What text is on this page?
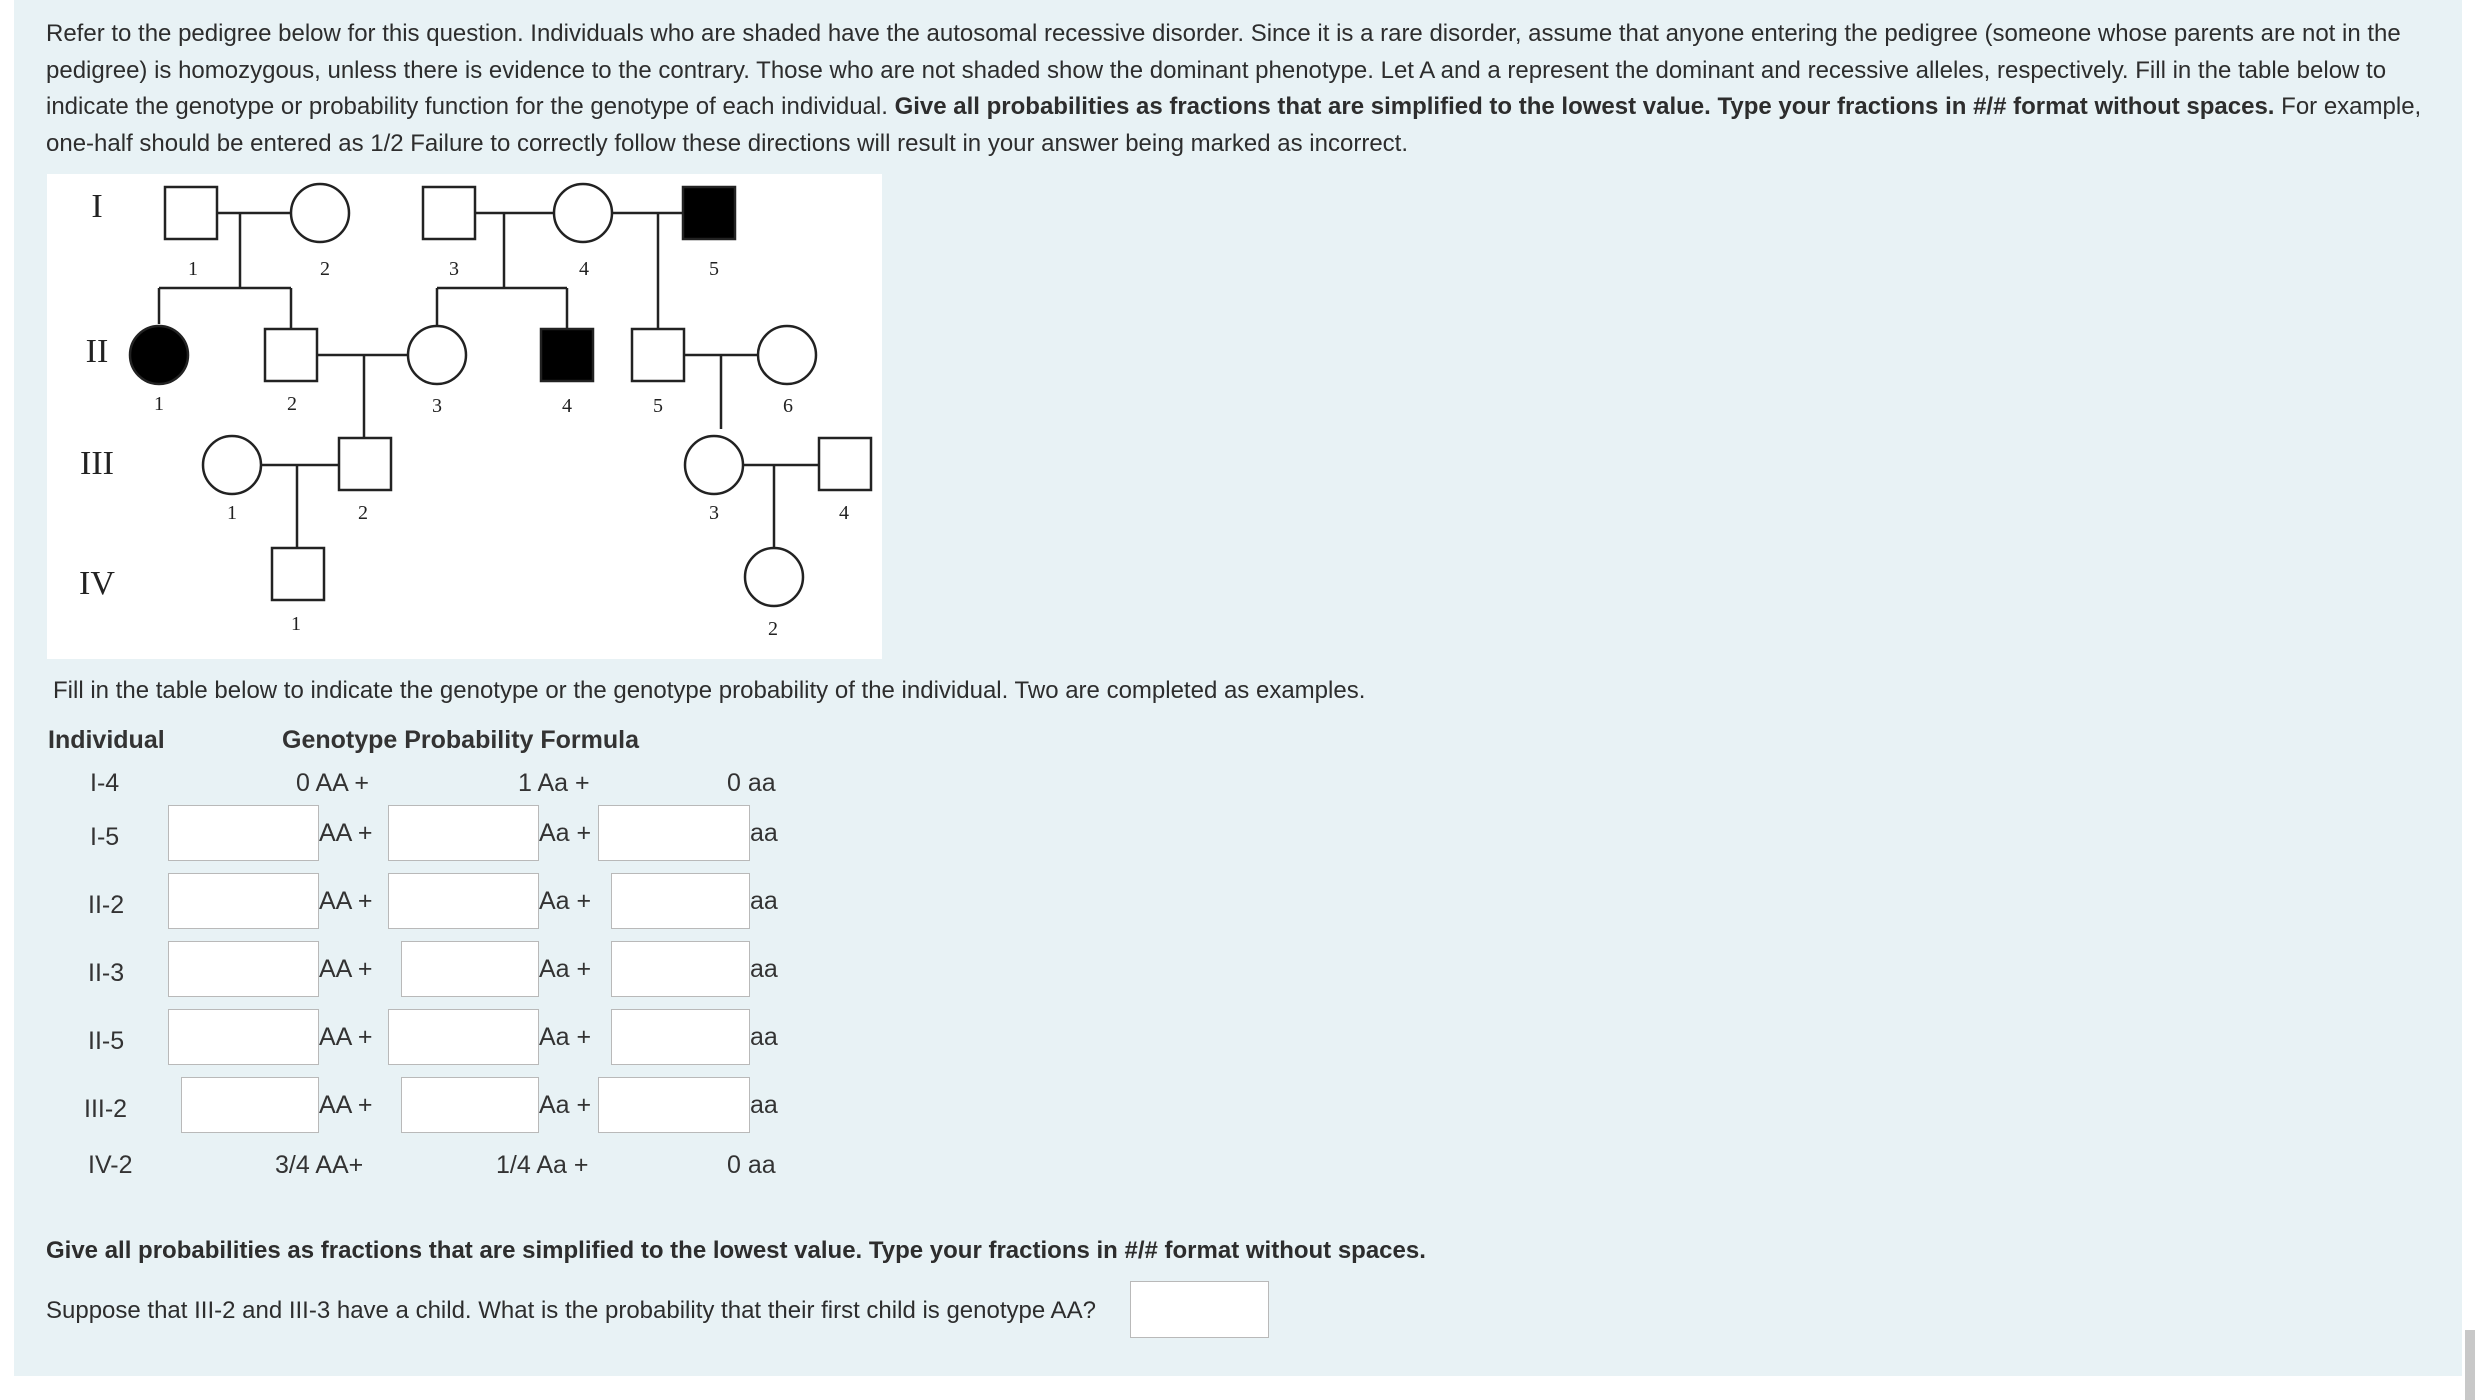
Refer to the pedigree below for this question. Individuals who are shaded have the autosomal recessive disorder. Since it is a rare disorder, assume that anyone entering the pedigree (someone whose parents are not in the pedigree) is homozygous, unless there is evidence to the contrary. Those who are not shaded show the dominant phenotype. Let A and a represent the dominant and recessive alleles, respectively. Fill in the table below to indicate the genotype or probability function for the genotype of each individual. Give all probabilities as fractions that are simplified to the lowest value. Type your fractions in #/# format without spaces. For example, one-half should be entered as 1/2 Failure to correctly follow these directions will result in your answer being marked as incorrect.
I
II
III
IV
1	2	3	4	5
1	2	3	4	5	6
1	2	3	4
1	2
Fill in the table below to indicate the genotype or the genotype probability of the individual. Two are completed as examples.
Individual	Genotype Probability Formula
I-4	0 AA +	1 Aa +	0 aa
I-5	AA +	Aa +	aa
II-2	AA +	Aa +	aa
II-3	AA +	Aa +	aa
II-5	AA +	Aa +	aa
III-2	AA +	Aa +	aa
IV-2	3/4 AA+	1/4 Aa +	0 aa
Give all probabilities as fractions that are simplified to the lowest value. Type your fractions in #/# format without spaces.
Suppose that III-2 and III-3 have a child. What is the probability that their first child is genotype AA?
